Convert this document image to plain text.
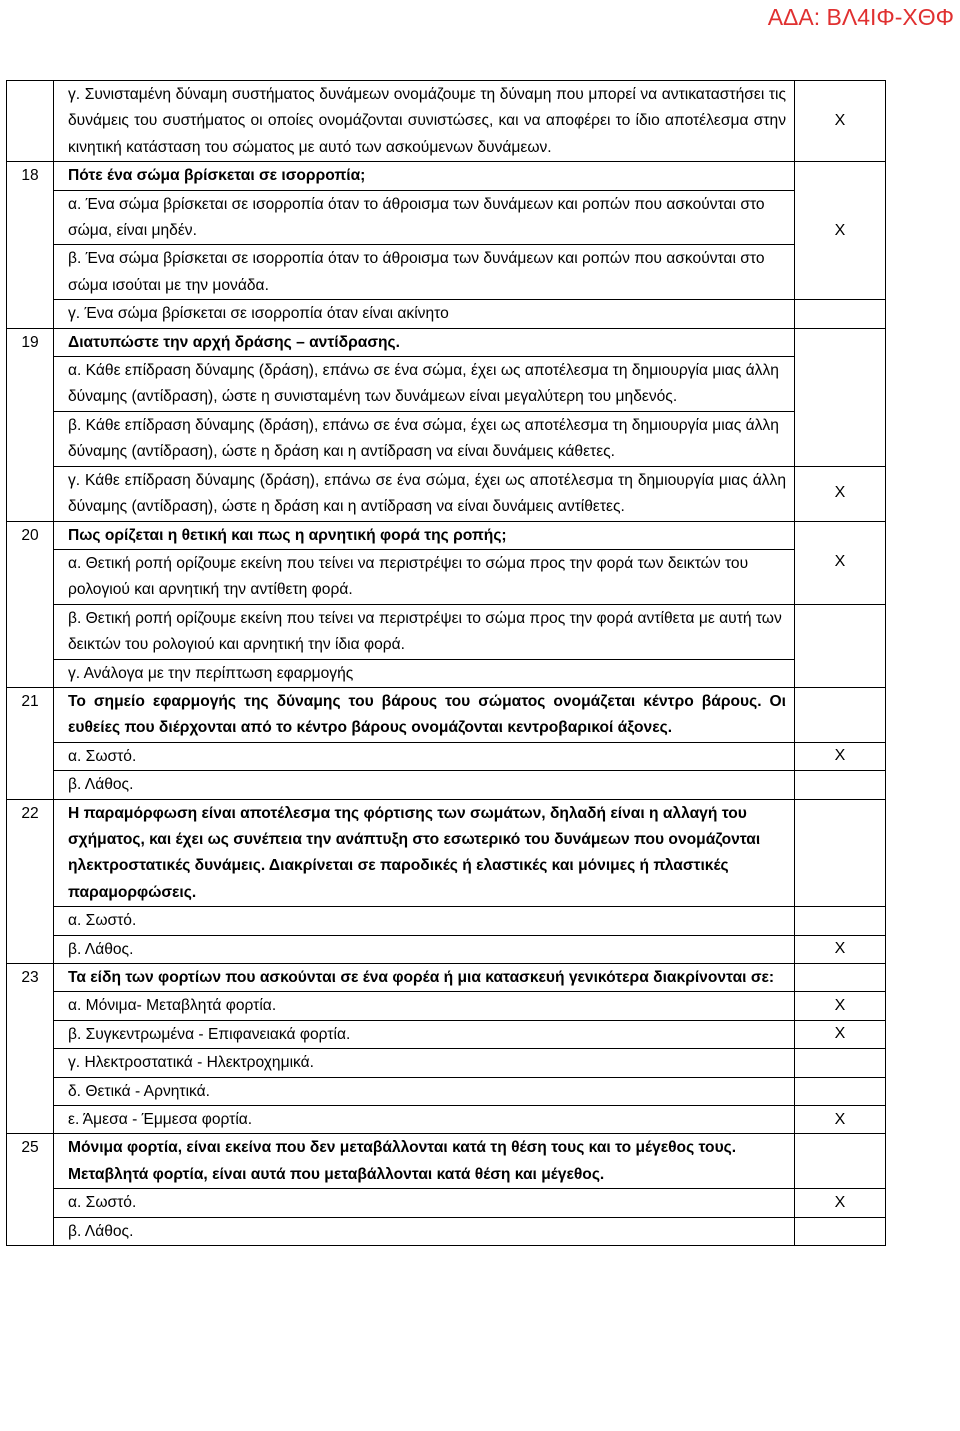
ΑΔΑ: ΒΛ4ΙΦ-ΧΘΦ
	γ. Συνισταμένη δύναμη συστήματος δυνάμεων ονομάζουμε τη δύναμη που μπορεί να αντικαταστήσει τις δυνάμεις του συστήματος οι οποίες ονομάζονται συνιστώσες, και να αποφέρει το ίδιο αποτέλεσμα στην κινητική κατάσταση του σώματος με αυτό των ασκούμενων δυνάμεων.	Χ
18	Πότε ένα σώμα βρίσκεται σε ισορροπία;	Χ
	α. Ένα σώμα βρίσκεται σε ισορροπία όταν το άθροισμα των δυνάμεων και ροπών που ασκούνται στο σώμα, είναι μηδέν.	
	β. Ένα σώμα βρίσκεται σε ισορροπία όταν το άθροισμα των δυνάμεων και ροπών που ασκούνται στο σώμα ισούται με την μονάδα.	
	γ. Ένα σώμα βρίσκεται σε ισορροπία όταν είναι ακίνητο	
19	Διατυπώστε την αρχή δράσης – αντίδρασης.	
	α. Κάθε επίδραση δύναμης (δράση), επάνω σε ένα σώμα, έχει ως αποτέλεσμα τη δημιουργία μιας άλλη δύναμης (αντίδραση), ώστε η συνισταμένη των δυνάμεων είναι μεγαλύτερη του μηδενός.	
	β. Κάθε επίδραση δύναμης (δράση), επάνω σε ένα σώμα, έχει ως αποτέλεσμα τη δημιουργία μιας άλλη δύναμης (αντίδραση), ώστε η δράση και η αντίδραση να είναι δυνάμεις κάθετες.	
	γ. Κάθε επίδραση δύναμης (δράση), επάνω σε ένα σώμα, έχει ως αποτέλεσμα τη δημιουργία μιας άλλη δύναμης (αντίδραση), ώστε η δράση και η αντίδραση να είναι δυνάμεις αντίθετες.	Χ
20	Πως ορίζεται η θετική και πως η αρνητική φορά της ροπής;	Χ
	α. Θετική ροπή ορίζουμε εκείνη που τείνει να περιστρέψει το σώμα προς την φορά των δεικτών του ρολογιού και αρνητική την αντίθετη φορά.	
	β. Θετική ροπή ορίζουμε εκείνη που τείνει να περιστρέψει το σώμα προς την φορά αντίθετα με αυτή των δεικτών του ρολογιού και αρνητική την ίδια φορά.	
	γ. Ανάλογα με την περίπτωση εφαρμογής	
21	Το σημείο εφαρμογής της δύναμης του βάρους του σώματος ονομάζεται κέντρο βάρους. Οι ευθείες που διέρχονται από το κέντρο βάρους ονομάζονται κεντροβαρικοί άξονες.	
	α. Σωστό.	Χ
	β. Λάθος.	
22	Η παραμόρφωση είναι αποτέλεσμα της φόρτισης των σωμάτων, δηλαδή είναι η αλλαγή του σχήματος, και έχει ως συνέπεια την ανάπτυξη στο εσωτερικό του δυνάμεων που ονομάζονται ηλεκτροστατικές δυνάμεις. Διακρίνεται σε παροδικές ή ελαστικές και μόνιμες ή πλαστικές παραμορφώσεις.	
	α. Σωστό.	
	β. Λάθος.	Χ
23	Τα είδη των φορτίων που ασκούνται σε ένα φορέα ή μια κατασκευή γενικότερα διακρίνονται σε:	
	α. Μόνιμα- Μεταβλητά φορτία.	Χ
	β. Συγκεντρωμένα - Επιφανειακά φορτία.	Χ
	γ. Ηλεκτροστατικά - Ηλεκτροχημικά.	
	δ. Θετικά - Αρνητικά.	
	ε. Άμεσα - Έμμεσα φορτία.	Χ
25	Μόνιμα φορτία, είναι εκείνα που δεν μεταβάλλονται κατά τη θέση τους και το μέγεθος τους. Μεταβλητά φορτία, είναι αυτά που μεταβάλλονται κατά θέση και μέγεθος.	
	α. Σωστό.	Χ
	β. Λάθος.	
